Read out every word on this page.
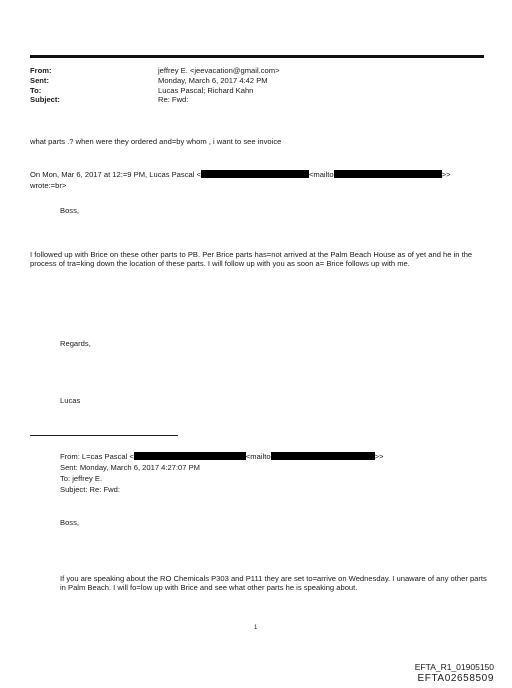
From:	jeffrey E. <jeevacation@gmail.com>
Sent:	Monday, March 6, 2017 4:42 PM
To:	Lucas Pascal; Richard Kahn
Subject:	Re: Fwd:
what parts .? when were they ordered and=by whom , i want to see invoice
On Mon, Mar 6, 2017 at 12:=9 PM, Lucas Pascal <	<mailto	>>
wrote:=br>
Boss,
I followed up with Brice on these other parts to PB. Per Brice parts has=not arrived at the Palm Beach House as of yet and he in the process of tra=king down the location of these parts. I will follow up with you as soon a= Brice follows up with me.
Regards,
Lucas
From: L=cas Pascal <	<mailto	>>
Sent: Monday, March 6, 2017 4:27:07 PM
To: jeffrey E.
Subject: Re: Fwd:
Boss,
If you are speaking about the RO Chemicals P303 and P111 they are set to=arrive on Wednesday. I unaware of any other parts in Palm Beach. I will fo=low up with Brice and see what other parts he is speaking about.
1
EFTA_R1_01905150
EFTA02658509
